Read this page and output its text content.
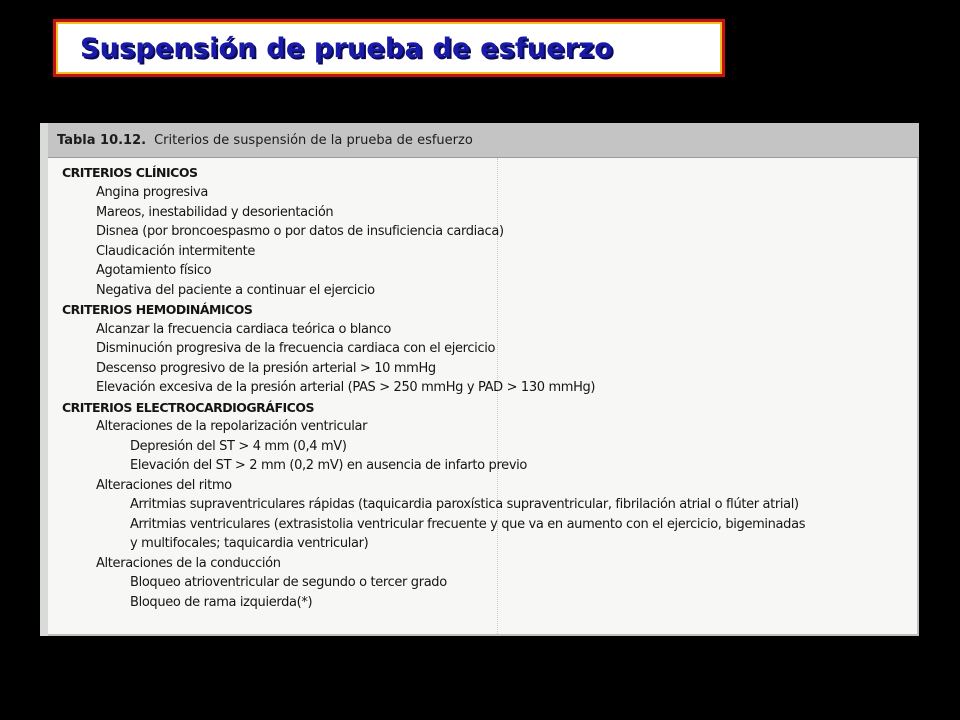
Suspensión de prueba de esfuerzo
Tabla 10.12. Criterios de suspensión de la prueba de esfuerzo
CRITERIOS CLÍNICOS
Angina progresiva
Mareos, inestabilidad y desorientación
Disnea (por broncoespasmo o por datos de insuficiencia cardiaca)
Claudicación intermitente
Agotamiento físico
Negativa del paciente a continuar el ejercicio
CRITERIOS HEMODINÁMICOS
Alcanzar la frecuencia cardiaca teórica o blanco
Disminución progresiva de la frecuencia cardiaca con el ejercicio
Descenso progresivo de la presión arterial > 10 mmHg
Elevación excesiva de la presión arterial (PAS > 250 mmHg y PAD > 130 mmHg)
CRITERIOS ELECTROCARDIOGRÁFICOS
Alteraciones de la repolarización ventricular
Depresión del ST > 4 mm (0,4 mV)
Elevación del ST > 2 mm (0,2 mV) en ausencia de infarto previo
Alteraciones del ritmo
Arritmias supraventriculares rápidas (taquicardia paroxística supraventricular, fibrilación atrial o flúter atrial)
Arritmias ventriculares (extrasistolia ventricular frecuente y que va en aumento con el ejercicio, bigeminadas
y multifocales; taquicardia ventricular)
Alteraciones de la conducción
Bloqueo atrioventricular de segundo o tercer grado
Bloqueo de rama izquierda(*)
